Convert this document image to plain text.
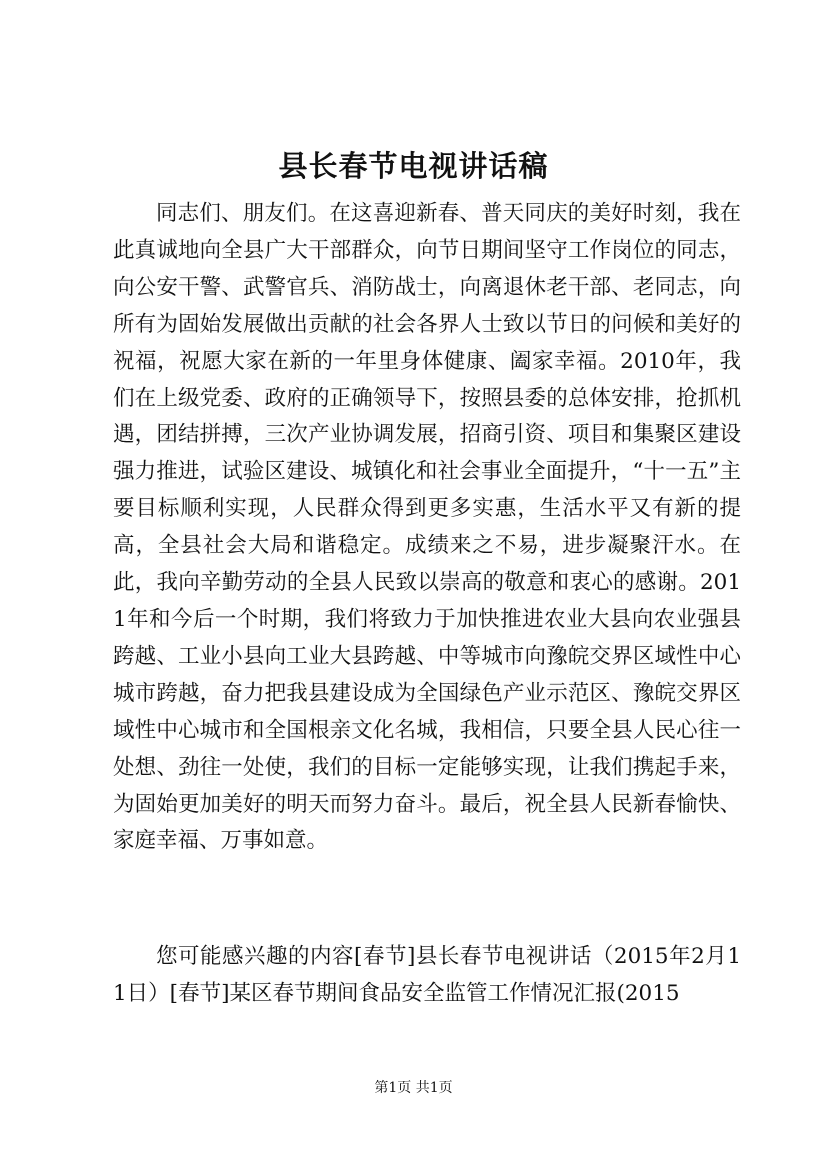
县长春节电视讲话稿

同志们、朋友们。在这喜迎新春、普天同庆的美好时刻，我在此真诚地向全县广大干部群众，向节日期间坚守工作岗位的同志，向公安干警、武警官兵、消防战士，向离退休老干部、老同志，向所有为固始发展做出贡献的社会各界人士致以节日的问候和美好的祝福，祝愿大家在新的一年里身体健康、阖家幸福。2010年，我们在上级党委、政府的正确领导下，按照县委的总体安排，抢抓机遇，团结拼搏，三次产业协调发展，招商引资、项目和集聚区建设强力推进，试验区建设、城镇化和社会事业全面提升，“十一五”主要目标顺利实现，人民群众得到更多实惠，生活水平又有新的提高，全县社会大局和谐稳定。成绩来之不易，进步凝聚汗水。在此，我向辛勤劳动的全县人民致以崇高的敬意和衷心的感谢。2011年和今后一个时期，我们将致力于加快推进农业大县向农业强县跨越、工业小县向工业大县跨越、中等城市向豫皖交界区域性中心城市跨越，奋力把我县建设成为全国绿色产业示范区、豫皖交界区域性中心城市和全国根亲文化名城，我相信，只要全县人民心往一处想、劲往一处使，我们的目标一定能够实现，让我们携起手来，为固始更加美好的明天而努力奋斗。最后，祝全县人民新春愉快、家庭幸福、万事如意。

您可能感兴趣的内容[春节]县长春节电视讲话（2015年2月11日）[春节]某区春节期间食品安全监管工作情况汇报(2015

第1页 共1页
